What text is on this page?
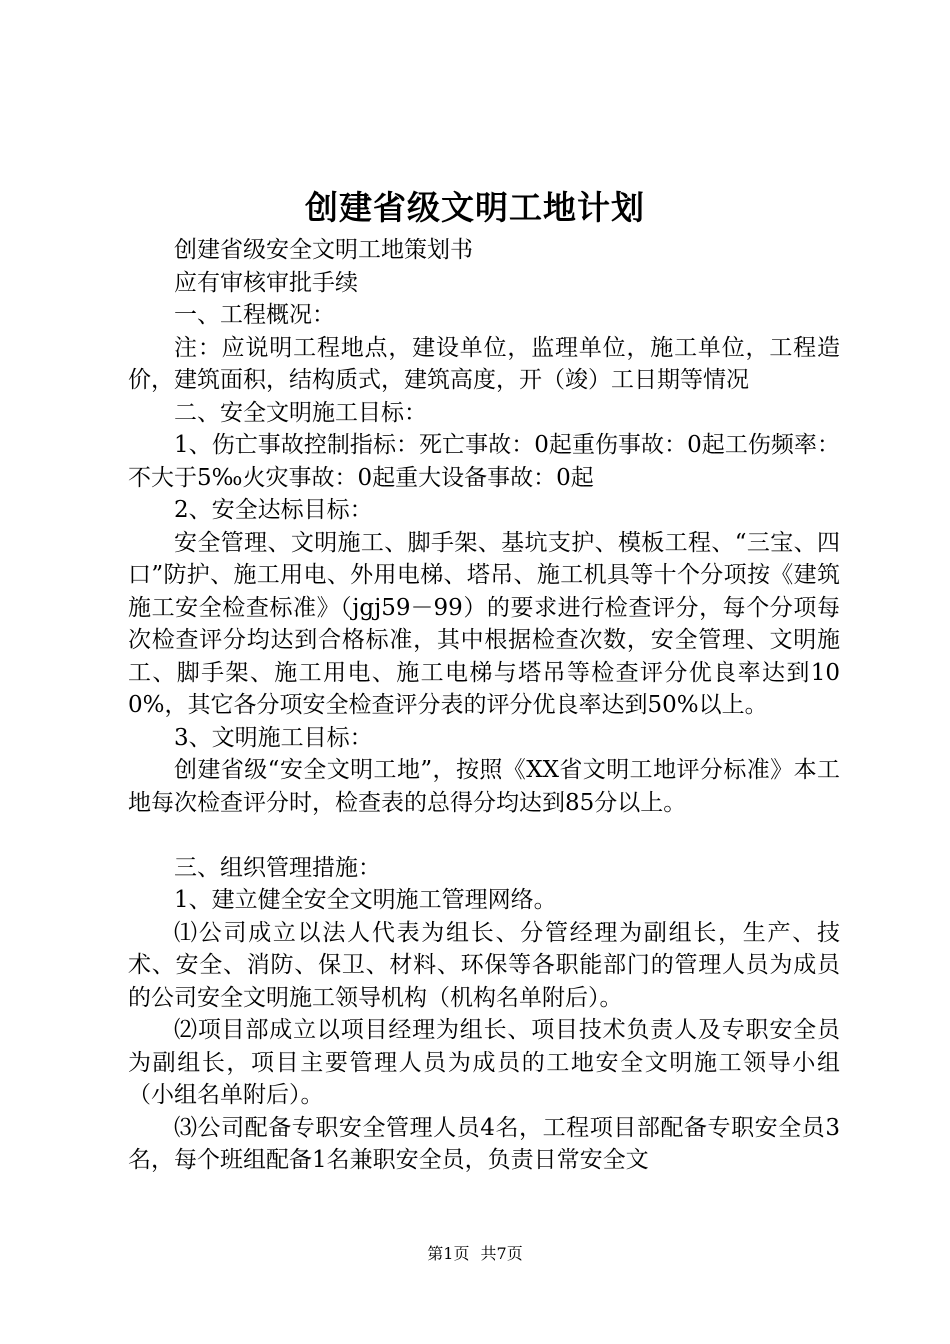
创建省级文明工地计划

创建省级安全文明工地策划书

应有审核审批手续

一、工程概况：

注：应说明工程地点，建设单位，监理单位，施工单位，工程造价，建筑面积，结构质式，建筑高度，开（竣）工日期等情况

二、安全文明施工目标：

1、伤亡事故控制指标：死亡事故：0起重伤事故：0起工伤频率：不大于5‰火灾事故：0起重大设备事故：0起

2、安全达标目标：

安全管理、文明施工、脚手架、基坑支护、模板工程、“三宝、四口”防护、施工用电、外用电梯、塔吊、施工机具等十个分项按《建筑施工安全检查标准》（jgj59－99）的要求进行检查评分，每个分项每次检查评分均达到合格标准，其中根据检查次数，安全管理、文明施工、脚手架、施工用电、施工电梯与塔吊等检查评分优良率达到100%，其它各分项安全检查评分表的评分优良率达到50%以上。

3、文明施工目标：

创建省级“安全文明工地”，按照《XX省文明工地评分标准》本工地每次检查评分时，检查表的总得分均达到85分以上。

三、组织管理措施：

1、建立健全安全文明施工管理网络。

⑴公司成立以法人代表为组长、分管经理为副组长，生产、技术、安全、消防、保卫、材料、环保等各职能部门的管理人员为成员的公司安全文明施工领导机构（机构名单附后）。

⑵项目部成立以项目经理为组长、项目技术负责人及专职安全员为副组长，项目主要管理人员为成员的工地安全文明施工领导小组（小组名单附后）。

⑶公司配备专职安全管理人员4名，工程项目部配备专职安全员3名，每个班组配备1名兼职安全员，负责日常安全文

第1页 共7页
